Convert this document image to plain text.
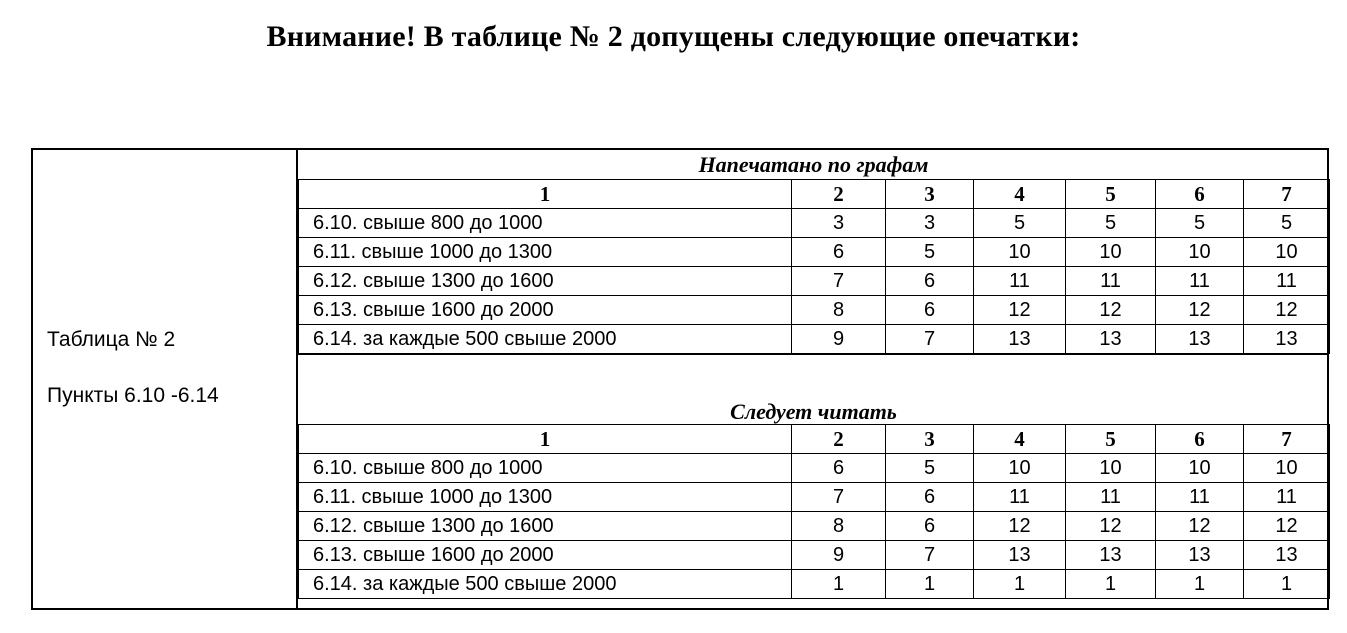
Внимание! В таблице № 2 допущены следующие опечатки:
Таблица № 2
Пункты 6.10 -6.14
Напечатано по графам
1	2	3	4	5	6	7
6.10. свыше 800 до 1000	3	3	5	5	5	5
6.11. свыше 1000 до 1300	6	5	10	10	10	10
6.12. свыше 1300 до 1600	7	6	11	11	11	11
6.13. свыше 1600 до 2000	8	6	12	12	12	12
6.14. за каждые 500 свыше 2000	9	7	13	13	13	13
Следует читать
1	2	3	4	5	6	7
6.10. свыше 800 до 1000	6	5	10	10	10	10
6.11. свыше 1000 до 1300	7	6	11	11	11	11
6.12. свыше 1300 до 1600	8	6	12	12	12	12
6.13. свыше 1600 до 2000	9	7	13	13	13	13
6.14. за каждые 500 свыше 2000	1	1	1	1	1	1
